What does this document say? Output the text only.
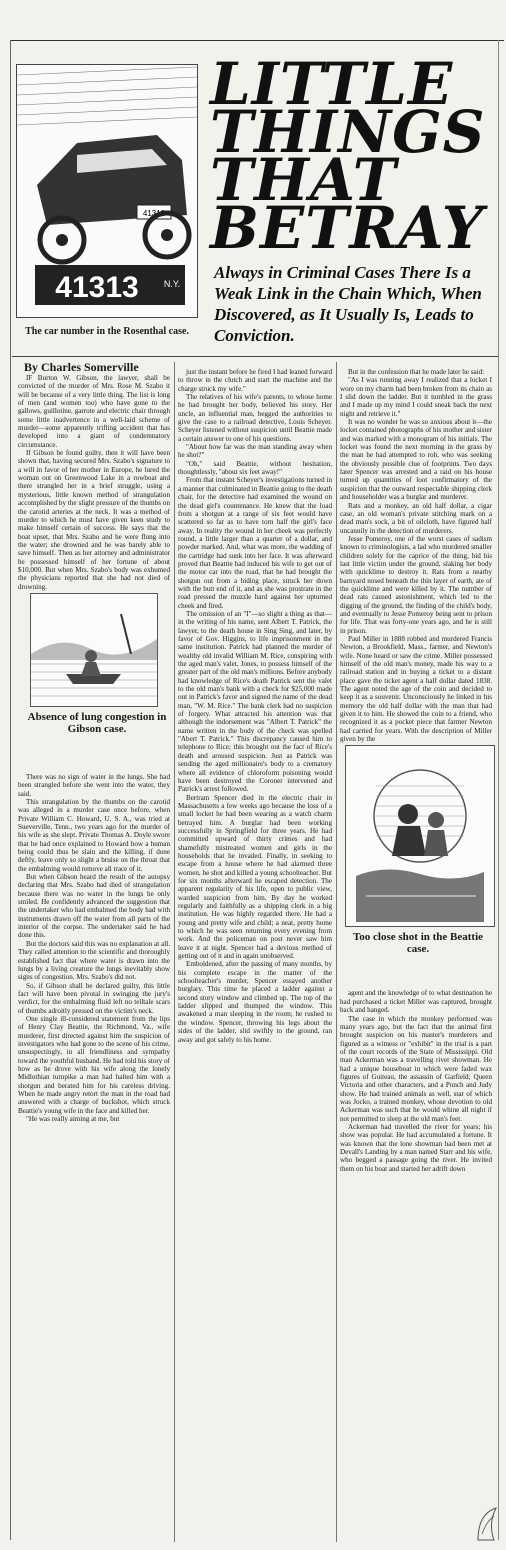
41313
41313	N.Y.
The car number in the Rosenthal case.
LITTLE
THINGS
THAT
BETRAY
Always in Criminal Cases There Is a Weak Link in the Chain Which, When Discovered, as It Usually Is, Leads to Conviction.
By Charles Somerville

IF Burton W. Gibson, the lawyer, shall be convicted of the murder of Mrs. Rose M. Szabo it will be because of a very little thing. The list is long of men (and women too) who have gone to the gallows, guillotine, garrote and electric chair through some little inadvertence in a well-laid scheme of murder—some apparently trifling accident that has developed into a giant of condemnatory circumstance.

If Gibson be found guilty, then it will have been shown that, having secured Mrs. Szabo's signature to a will in favor of her mother in Europe, he lured the woman out on Greenwood Lake in a rowboat and there strangled her in a brief struggle, using a mysterious, little known method of strangulation accomplished by the slight pressure of the thumbs on the carotid arteries at the neck. It was a method of murder to which he must have given keen study to make himself certain of success. He says that the boat upset, that Mrs. Szabo and he were flung into the water; she drowned and he was barely able to save himself. Then as her attorney and administrator he possessed himself of her fortune of about $10,000. But when Mrs. Szabo's body was exhumed the physicians reported that she had not died of drowning.

There was no sign of water in the lungs. She had been strangled before she went into the water, they said.

This strangulation by the thumbs on the carotid was alleged in a murder case once before, when Private William C. Howard, U. S. A., was tried at Sueverville, Tenn., two years ago for the murder of his wife as she slept. Private Thomas A. Doyle swore that he had once explained to Howard how a human being could thus be slain and the killing, if done deftly, leave only so slight a bruise on the throat that the embalming would remove all trace of it.

But when Gibson heard the result of the autopsy declaring that Mrs. Szabo had died of strangulation because there was no water in the lungs he only smiled. He confidently advanced the suggestion that the undertaker who had embalmed the body had with instruments drawn off the water from all parts of the interior of the corpse. The undertaker said he had done this.

But the doctors said this was no explanation at all. They called attention to the scientific and thoroughly established fact that where water is drawn into the lungs by a living creature the lungs inevitably show signs of congestion. Mrs. Szabo's did not.

So, if Gibson shall be declared guilty, this little fact will have been pivotal in swinging the jury's verdict, for the embalming fluid left no telltale scars of thumbs adroitly pressed on the victim's neck.

One single ill-considered statement from the lips of Henry Clay Beattie, the Richmond, Va., wife murderer, first directed against him the suspicion of investigators who had gone to the scene of his crime, unsuspectingly, in all friendliness and sympathy toward the youthful husband. He had told his story of how as he drove with his wife along the lonely Midlothian turnpike a man had halted him with a shotgun and berated him for his careless driving. When he made angry retort the man in the road had answered with a charge of buckshot, which struck Beattie's young wife in the face and killed her.

"He was really aiming at me, but

just the instant before he fired I had leaned forward to throw in the clutch and start the machine and the charge struck my wife."

The relatives of his wife's parents, to whose home he had brought her body, believed his story. Her uncle, an influential man, begged the authorities to give the case to a railroad detective, Louis Scheyer. Scheyer listened without suspicion until Beattie made a certain answer to one of his questions.

"About how far was the man standing away when he shot?"

"Oh," said Beattie, without hesitation, thoughtlessly, "about six feet away!"

From that instant Scheyer's investigations turned in a manner that culminated in Beattie going to the death chair, for the detective had examined the wound on the dead girl's countenance. He knew that the load from a shotgun at a range of six feet would have scattered so far as to have torn half the girl's face away. In reality the wound in her cheek was perfectly round, a little larger than a quarter of a dollar, and powder marked. And, what was more, the wadding of the cartridge had sunk into her face. It was afterward proved that Beattie had induced his wife to get out of the motor car into the road, that he had brought the shotgun out from a hiding place, struck her down with the butt end of it, and as she was prostrate in the road pressed the muzzle hard against her upturned cheek and fired.

The omission of an "I"—so slight a thing as that—in the writing of his name, sent Albert T. Patrick, the lawyer, to the death house in Sing Sing, and later, by favor of Gov. Higgins, to life imprisonment in the same institution. Patrick had planned the murder of wealthy old invalid William M. Rice, conspiring with the aged man's valet, Jones, to possess himself of the greater part of the old man's millions. Before anybody had knowledge of Rice's death Patrick sent the valet to the old man's bank with a check for $25,000 made out in Patrick's favor and signed the name of the dead man, "W. M. Rice." The bank clerk had no suspicion of forgery. What attracted his attention was that although the indorsement was "Albert T. Patrick" the name written in the body of the check was spelled "Abert T. Patrick." This discrepancy caused him to telephone to Rice; this brought out the fact of Rice's death and aroused suspicion. Just as Patrick was sending the aged millionaire's body to a crematory where all evidence of chloroform poisoning would have been destroyed the Coroner intervened and Patrick's arrest followed.

Bertram Spencer died in the electric chair in Massachusetts a few weeks ago because the loss of a small locket he had been wearing as a watch charm betrayed him. A burglar had been working successfully in Springfield for three years. He had committed upward of thirty crimes and had shamefully mistreated women and girls in the households that he invaded. Finally, in seeking to escape from a house where he had alarmed three women, he shot and killed a young schoolteacher. But for six months afterward he escaped detection. The apparent regularity of his life, open to public view, warded suspicion from him. By day he worked regularly and faithfully as a shipping clerk in a big institution. He was highly regarded there. He had a young and pretty wife and child; a neat, pretty home to which he was seen returning every evening from work. And the policeman on post never saw him leave it at night. Spencer had a devious method of getting out of it and in again unobserved.

Emboldened, after the passing of many months, by his complete escape in the matter of the schoolteacher's murder, Spencer essayed another burglary. This time he placed a ladder against a second story window and climbed up. The top of the ladder slipped and thumped the window. This awakened a man sleeping in the room; he rushed to the window. Spencer, throwing his legs about the sides of the ladder, slid swiftly to the ground, ran away and got safely to his home.

But in the confession that he made later he said:

"As I was running away I realized that a locket I wore on my charm had been broken from its chain as I slid down the ladder. But it tumbled in the grass and I made up my mind I could sneak back the next night and retrieve it."

It was no wonder he was so anxious about it—the locket contained photographs of his mother and sister and was marked with a monogram of his initials. The locket was found the next morning in the grass by the man he had attempted to rob, who was seeking the obviously possible clue of footprints. Two days later Spencer was arrested and a raid on his house turned up quantities of loot confirmatory of the suspicion that the outward respectable shipping clerk and householder was a burglar and murderer.

Rats and a monkey, an old half dollar, a cigar case, an old woman's private stitching mark on a dead man's sock, a bit of oilcloth, have figured half uncannily in the detection of murderers.

Jesse Pomeroy, one of the worst cases of sadism known to criminologists, a lad who murdered smaller children solely for the caprice of the thing, hid his last little victim under the ground, slaking her body with quicklime to destroy it. Rats from a nearby barnyard nosed beneath the thin layer of earth, ate of the quicklime and were killed by it. The number of dead rats caused astonishment, which led to the digging of the ground, the finding of the child's body, and eventually to Jesse Pomeroy being sent to prison for life. That was forty-one years ago, and he is still in prison.

Paul Miller in 1888 robbed and murdered Francis Newton, a Brookfield, Mass., farmer, and Newton's wife. None heard or saw the crime. Miller possessed himself of the old man's money, made his way to a railroad station and in buying a ticket to a distant place gave the ticket agent a half dollar dated 1838. The agent noted the age of the coin and decided to keep it as a souvenir. Unconsciously he linked in his memory the old half dollar with the man that had given it to him. He showed the coin to a friend, who recognized it as a pocket piece that farmer Newton had carried for years. With the description of Miller given by the

agent and the knowledge of to what destination he had purchased a ticket Miller was captured, brought back and hanged.

The case in which the monkey performed was many years ago, but the fact that the animal first brought suspicion on his master's murderers and figured as a witness or "exhibit" in the trial is a part of the court records of the State of Mississippi. Old man Ackerman was a travelling river showman. He had a unique houseboat in which were faded wax figures of Guiteau, the assassin of Garfield; Queen Victoria and other characters, and a Punch and Judy show. He had trained animals as well, star of which was Jocko, a trained monkey, whose devotion to old Ackerman was such that he would whine all night if not permitted to sleep at the old man's feet.

Ackerman had travelled the river for years; his show was popular. He had accumulated a fortune. It was known that the lone showman had been met at Devall's Landing by a man named Starr and his wife, who begged a passage going the river. He invited them on his boat and started her adrift down

Absence of lung congestion in Gibson case.
Too close shot in the Beattie case.
